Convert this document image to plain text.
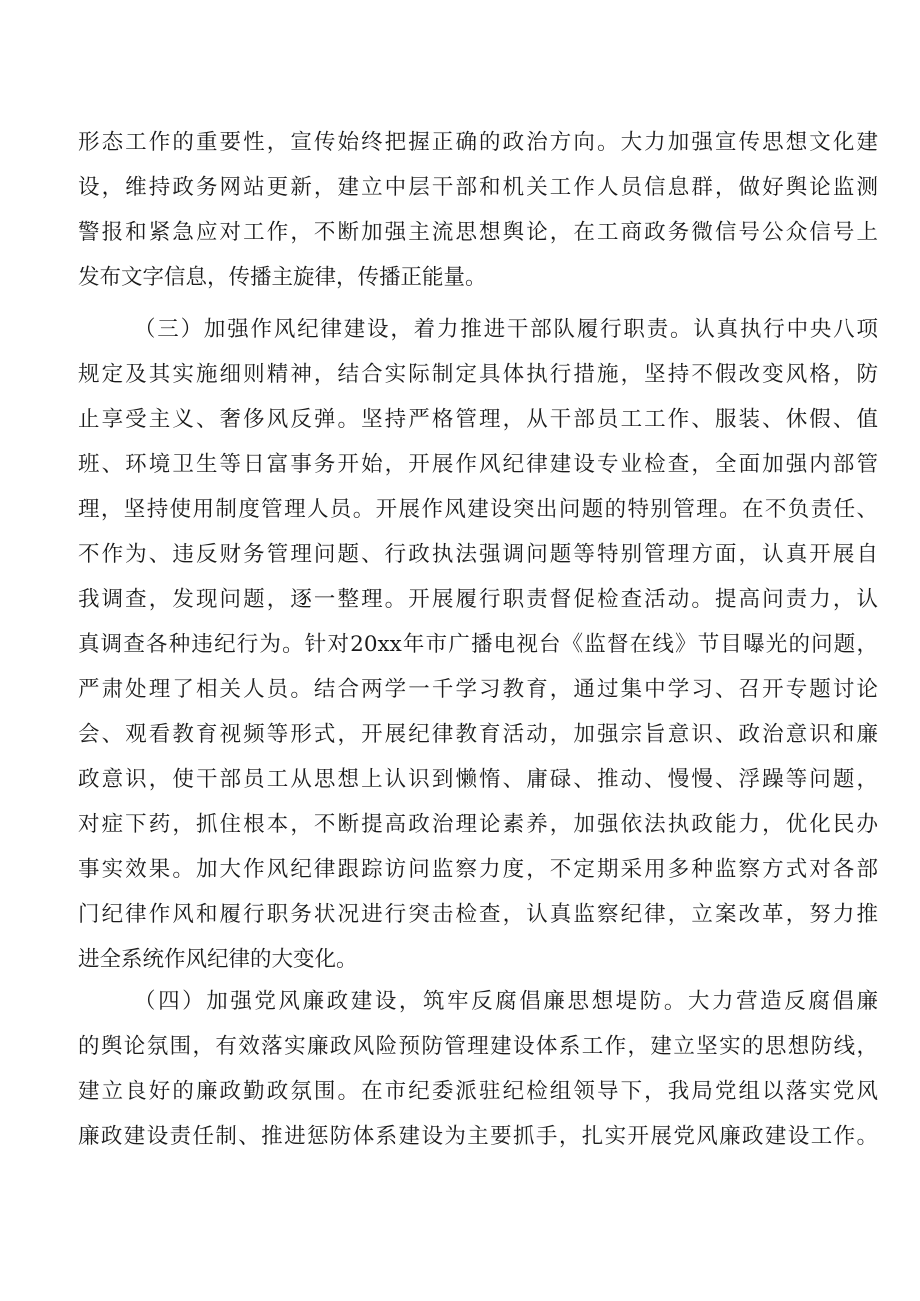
形态工作的重要性，宣传始终把握正确的政治方向。大力加强宣传思想文化建
设，维持政务网站更新，建立中层干部和机关工作人员信息群，做好舆论监测
警报和紧急应对工作，不断加强主流思想舆论，在工商政务微信号公众信号上
发布文字信息，传播主旋律，传播正能量。
（三）加强作风纪律建设，着力推进干部队履行职责。认真执行中央八项
规定及其实施细则精神，结合实际制定具体执行措施，坚持不假改变风格，防
止享受主义、奢侈风反弹。坚持严格管理，从干部员工工作、服装、休假、值
班、环境卫生等日富事务开始，开展作风纪律建设专业检查，全面加强内部管
理，坚持使用制度管理人员。开展作风建设突出问题的特别管理。在不负责任、
不作为、违反财务管理问题、行政执法强调问题等特别管理方面，认真开展自
我调查，发现问题，逐一整理。开展履行职责督促检查活动。提高问责力，认
真调查各种违纪行为。针对20xx年市广播电视台《监督在线》节目曝光的问题，
严肃处理了相关人员。结合两学一千学习教育，通过集中学习、召开专题讨论
会、观看教育视频等形式，开展纪律教育活动，加强宗旨意识、政治意识和廉
政意识，使干部员工从思想上认识到懒惰、庸碌、推动、慢慢、浮躁等问题，
对症下药，抓住根本，不断提高政治理论素养，加强依法执政能力，优化民办
事实效果。加大作风纪律跟踪访问监察力度，不定期采用多种监察方式对各部
门纪律作风和履行职务状况进行突击检查，认真监察纪律，立案改革，努力推
进全系统作风纪律的大变化。
（四）加强党风廉政建设，筑牢反腐倡廉思想堤防。大力营造反腐倡廉
的舆论氛围，有效落实廉政风险预防管理建设体系工作，建立坚实的思想防线，
建立良好的廉政勤政氛围。在市纪委派驻纪检组领导下，我局党组以落实党风
廉政建设责任制、推进惩防体系建设为主要抓手，扎实开展党风廉政建设工作。
